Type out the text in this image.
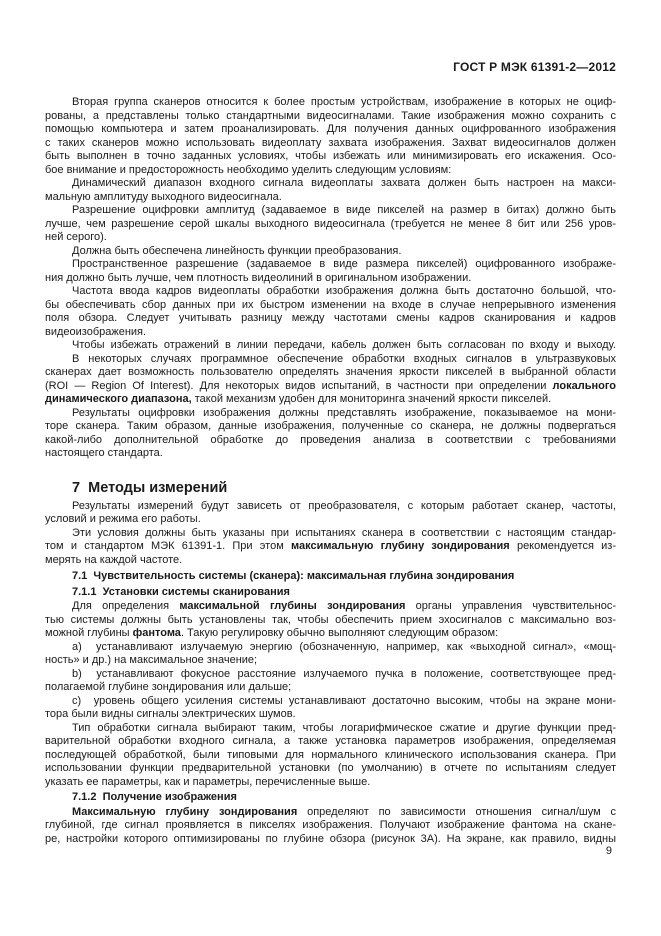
ГОСТ Р МЭК 61391-2—2012
Вторая группа сканеров относится к более простым устройствам, изображение в которых не оциф-
рованы, а представлены только стандартными видеосигналами. Такие изображения можно сохранить с
помощью компьютера и затем проанализировать. Для получения данных оцифрованного изображения
с таких сканеров можно использовать видеоплату захвата изображения. Захват видеосигналов должен
быть выполнен в точно заданных условиях, чтобы избежать или минимизировать его искажения. Осо-
бое внимание и предосторожность необходимо уделить следующим условиям:
Динамический диапазон входного сигнала видеоплаты захвата должен быть настроен на макси-
мальную амплитуду выходного видеосигнала.
Разрешение оцифровки амплитуд (задаваемое в виде пикселей на размер в битах) должно быть
лучше, чем разрешение серой шкалы выходного видеосигнала (требуется не менее 8 бит или 256 уров-
ней серого).
Должна быть обеспечена линейность функции преобразования.
Пространственное разрешение (задаваемое в виде размера пикселей) оцифрованного изображе-
ния должно быть лучше, чем плотность видеолиний в оригинальном изображении.
Частота ввода кадров видеоплаты обработки изображения должна быть достаточно большой, что-
бы обеспечивать сбор данных при их быстром изменении на входе в случае непрерывного изменения
поля обзора. Следует учитывать разницу между частотами смены кадров сканирования и кадров
видеоизображения.
Чтобы избежать отражений в линии передачи, кабель должен быть согласован по входу и выходу.
В некоторых случаях программное обеспечение обработки входных сигналов в ультразвуковых
сканерах дает возможность пользователю определять значения яркости пикселей в выбранной области
(ROI — Region Of Interest). Для некоторых видов испытаний, в частности при определении локального
динамического диапазона, такой механизм удобен для мониторинга значений яркости пикселей.
Результаты оцифровки изображения должны представлять изображение, показываемое на мони-
торе сканера. Таким образом, данные изображения, полученные со сканера, не должны подвергаться
какой-либо дополнительной обработке до проведения анализа в соответствии с требованиями
настоящего стандарта.
7  Методы измерений
Результаты измерений будут зависеть от преобразователя, с которым работает сканер, частоты,
условий и режима его работы.
Эти условия должны быть указаны при испытаниях сканера в соответствии с настоящим стандар-
том и стандартом МЭК 61391-1. При этом максимальную глубину зондирования рекомендуется из-
мерять на каждой частоте.
7.1  Чувствительность системы (сканера): максимальная глубина зондирования
7.1.1  Установки системы сканирования
Для определения максимальной глубины зондирования органы управления чувствительнос-
тью системы должны быть установлены так, чтобы обеспечить прием эхосигналов с максимально воз-
можной глубины фантома. Такую регулировку обычно выполняют следующим образом:
a)  устанавливают излучаемую энергию (обозначенную, например, как «выходной сигнал», «мощ-
ность» и др.) на максимальное значение;
b)  устанавливают фокусное расстояние излучаемого пучка в положение, соответствующее пред-
полагаемой глубине зондирования или дальше;
c)  уровень общего усиления системы устанавливают достаточно высоким, чтобы на экране мони-
тора были видны сигналы электрических шумов.
Тип обработки сигнала выбирают таким, чтобы логарифмическое сжатие и другие функции пред-
варительной обработки входного сигнала, а также установка параметров изображения, определяемая
последующей обработкой, были типовыми для нормального клинического использования сканера. При
использовании функции предварительной установки (по умолчанию) в отчете по испытаниям следует
указать ее параметры, как и параметры, перечисленные выше.
7.1.2  Получение изображения
Максимальную глубину зондирования определяют по зависимости отношения сигнал/шум с
глубиной, где сигнал проявляется в пикселях изображения. Получают изображение фантома на скане-
ре, настройки которого оптимизированы по глубине обзора (рисунок 3А). На экране, как правило, видны
9
